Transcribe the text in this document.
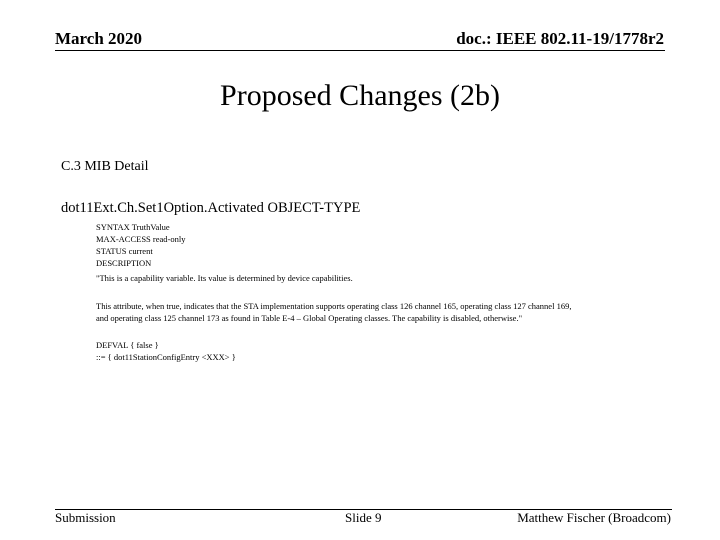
March 2020	doc.: IEEE 802.11-19/1778r2
Proposed Changes (2b)
C.3 MIB Detail
dot11Ext.Ch.Set1Option.Activated OBJECT-TYPE
SYNTAX TruthValue
MAX-ACCESS read-only
STATUS current
DESCRIPTION
"This is a capability variable. Its value is determined by device capabilities.
This attribute, when true, indicates that the STA implementation supports operating class 126 channel 165, operating class 127 channel 169,
and operating class 125 channel 173 as found in Table E-4 – Global Operating classes. The capability is disabled, otherwise."
DEFVAL { false }
::= { dot11StationConfigEntry <XXX> }
Submission	Slide 9	Matthew Fischer (Broadcom)
